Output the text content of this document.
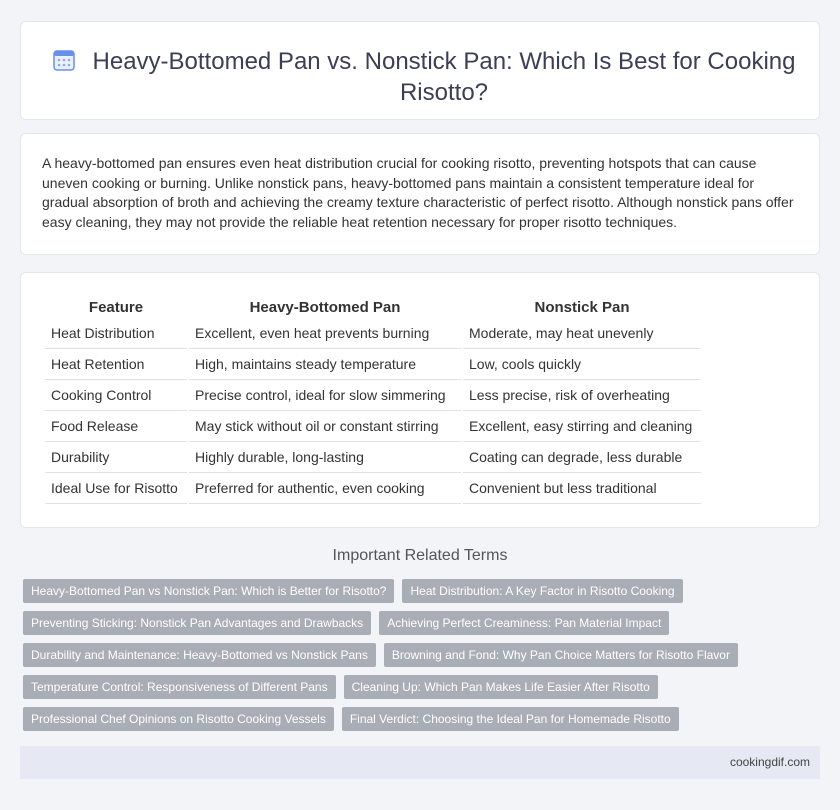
Heavy-Bottomed Pan vs. Nonstick Pan: Which Is Best for Cooking Risotto?
A heavy-bottomed pan ensures even heat distribution crucial for cooking risotto, preventing hotspots that can cause uneven cooking or burning. Unlike nonstick pans, heavy-bottomed pans maintain a consistent temperature ideal for gradual absorption of broth and achieving the creamy texture characteristic of perfect risotto. Although nonstick pans offer easy cleaning, they may not provide the reliable heat retention necessary for proper risotto techniques.
Feature	Heavy-Bottomed Pan	Nonstick Pan
Heat Distribution	Excellent, even heat prevents burning	Moderate, may heat unevenly
Heat Retention	High, maintains steady temperature	Low, cools quickly
Cooking Control	Precise control, ideal for slow simmering	Less precise, risk of overheating
Food Release	May stick without oil or constant stirring	Excellent, easy stirring and cleaning
Durability	Highly durable, long-lasting	Coating can degrade, less durable
Ideal Use for Risotto	Preferred for authentic, even cooking	Convenient but less traditional
Important Related Terms
Heavy-Bottomed Pan vs Nonstick Pan: Which is Better for Risotto?	Heat Distribution: A Key Factor in Risotto Cooking
Preventing Sticking: Nonstick Pan Advantages and Drawbacks	Achieving Perfect Creaminess: Pan Material Impact
Durability and Maintenance: Heavy-Bottomed vs Nonstick Pans	Browning and Fond: Why Pan Choice Matters for Risotto Flavor
Temperature Control: Responsiveness of Different Pans	Cleaning Up: Which Pan Makes Life Easier After Risotto
Professional Chef Opinions on Risotto Cooking Vessels	Final Verdict: Choosing the Ideal Pan for Homemade Risotto
cookingdif.com
